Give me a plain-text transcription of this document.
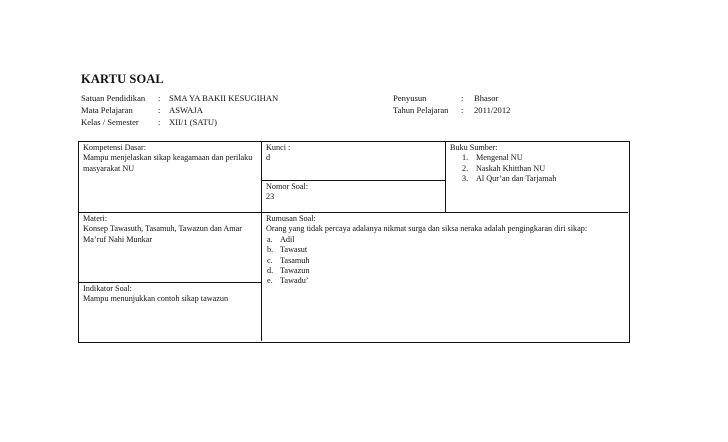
KARTU SOAL
Satuan Pendidikan	:	SMA YA BAKII KESUGIHAN
Mata Pelajaran	:	ASWAJA
Kelas / Semester	:	XII/1 (SATU)
Penyusun	:	Bhasor
Tahun Pelajaran	:	2011/2012
Kompetensi Dasar:
Mampu menjelaskan sikap keagamaan dan perilaku masyarakat NU
Kunci :
d
Buku Sumber:
1. Mengenal NU
2. Naskah Khitthan NU
3. Al Qur’an dan Tarjamah
Nomor Soal:
23
Materi:
Konsep Tawasuth, Tasamuh, Tawazun dan Amar Ma’ruf Nahi Munkar
Rumusan Soal:
Orang yang tidak percaya adalanya nikmat surga dan siksa neraka adalah pengingkaran diri sikap:
a. Adil
b. Tawasut
c. Tasamuh
d. Tawazun
e. Tawadu’
Indikator Soal:
Mampu menunjukkan contoh sikap tawazun
